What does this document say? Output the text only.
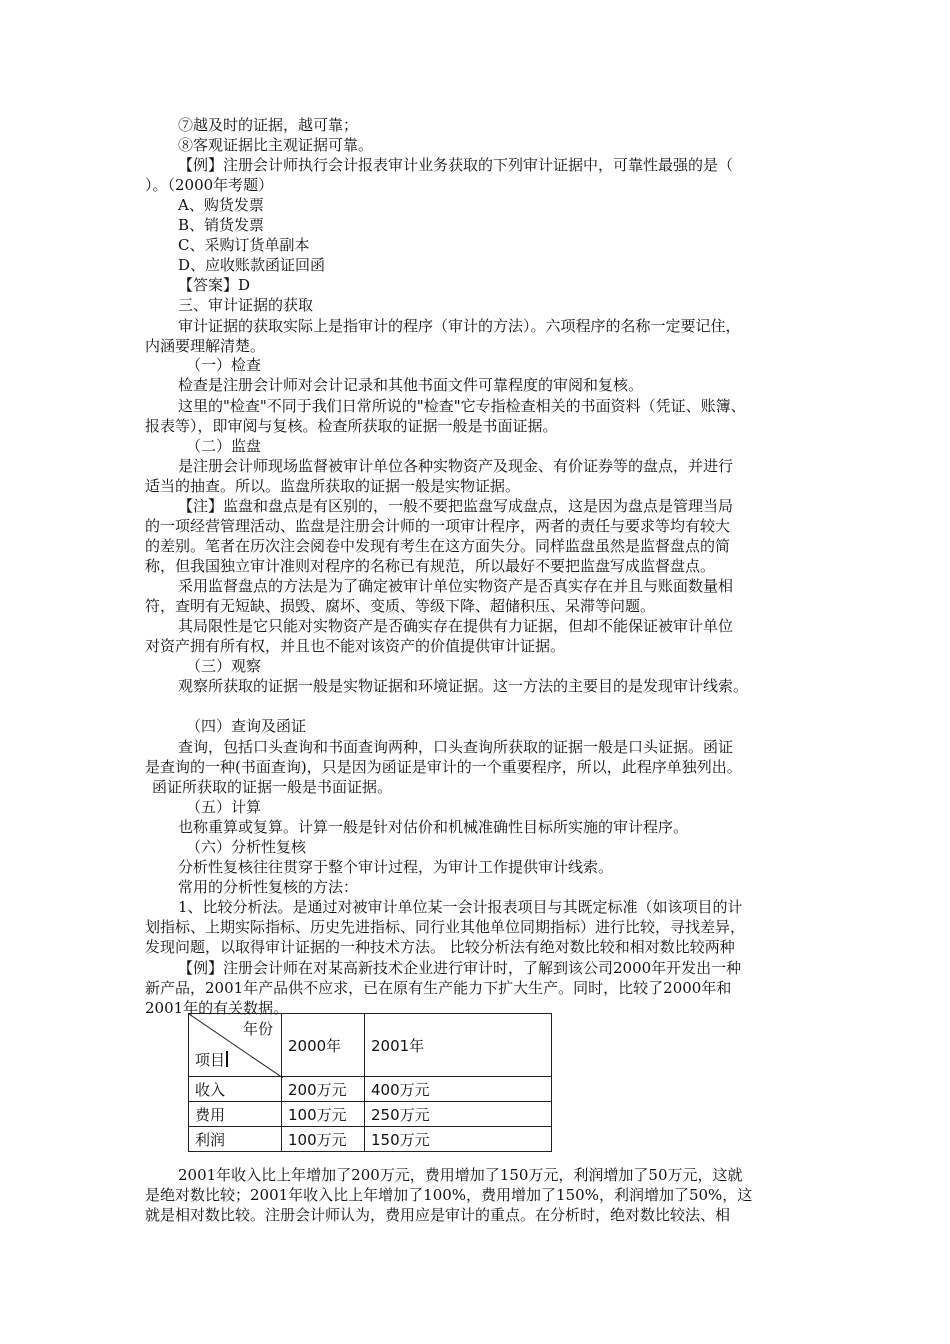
⑦越及时的证据，越可靠；
⑧客观证据比主观证据可靠。
【例】注册会计师执行会计报表审计业务获取的下列审计证据中，可靠性最强的是（
）。（2000年考题）
A、购货发票
B、销货发票
C、采购订货单副本
D、应收账款函证回函
【答案】D
三、审计证据的获取
审计证据的获取实际上是指审计的程序（审计的方法）。六项程序的名称一定要记住，
内涵要理解清楚。
（一）检查
检查是注册会计师对会计记录和其他书面文件可靠程度的审阅和复核。
这里的"检查"不同于我们日常所说的"检查"它专指检查相关的书面资料（凭证、账簿、
报表等），即审阅与复核。检查所获取的证据一般是书面证据。
（二）监盘
是注册会计师现场监督被审计单位各种实物资产及现金、有价证券等的盘点，并进行
适当的抽查。所以。监盘所获取的证据一般是实物证据。
【注】监盘和盘点是有区别的，一般不要把监盘写成盘点，这是因为盘点是管理当局
的一项经营管理活动、监盘是注册会计师的一项审计程序，两者的责任与要求等均有较大
的差别。笔者在历次注会阅卷中发现有考生在这方面失分。同样监盘虽然是监督盘点的简
称，但我国独立审计准则对程序的名称已有规范，所以最好不要把监盘写成监督盘点。
采用监督盘点的方法是为了确定被审计单位实物资产是否真实存在并且与账面数量相
符，查明有无短缺、损毁、腐坏、变质、等级下降、超储积压、呆滞等问题。
其局限性是它只能对实物资产是否确实存在提供有力证据，但却不能保证被审计单位
对资产拥有所有权，并且也不能对该资产的价值提供审计证据。
（三）观察
观察所获取的证据一般是实物证据和环境证据。这一方法的主要目的是发现审计线索。
（四）查询及函证
查询，包括口头查询和书面查询两种，口头查询所获取的证据一般是口头证据。函证
是查询的一种(书面查询)，只是因为函证是审计的一个重要程序，所以，此程序单独列出。
函证所获取的证据一般是书面证据。
（五）计算
也称重算或复算。计算一般是针对估价和机械准确性目标所实施的审计程序。
（六）分析性复核
分析性复核往往贯穿于整个审计过程，为审计工作提供审计线索。
常用的分析性复核的方法：
1、比较分析法。是通过对被审计单位某一会计报表项目与其既定标准（如该项目的计
划指标、上期实际指标、历史先进指标、同行业其他单位同期指标）进行比较，寻找差异，
发现问题，以取得审计证据的一种技术方法。 比较分析法有绝对数比较和相对数比较两种
【例】注册会计师在对某高新技术企业进行审计时，了解到该公司2000年开发出一种
新产品，2001年产品供不应求，已在原有生产能力下扩大生产。同时，比较了2000年和
2001年的有关数据。
年份
项目	2000年	2001年
收入	200万元	400万元
费用	100万元	250万元
利润	100万元	150万元
2001年收入比上年增加了200万元，费用增加了150万元，利润增加了50万元，这就
是绝对数比较；2001年收入比上年增加了100%，费用增加了150%，利润增加了50%，这
就是相对数比较。注册会计师认为，费用应是审计的重点。在分析时，绝对数比较法、相
